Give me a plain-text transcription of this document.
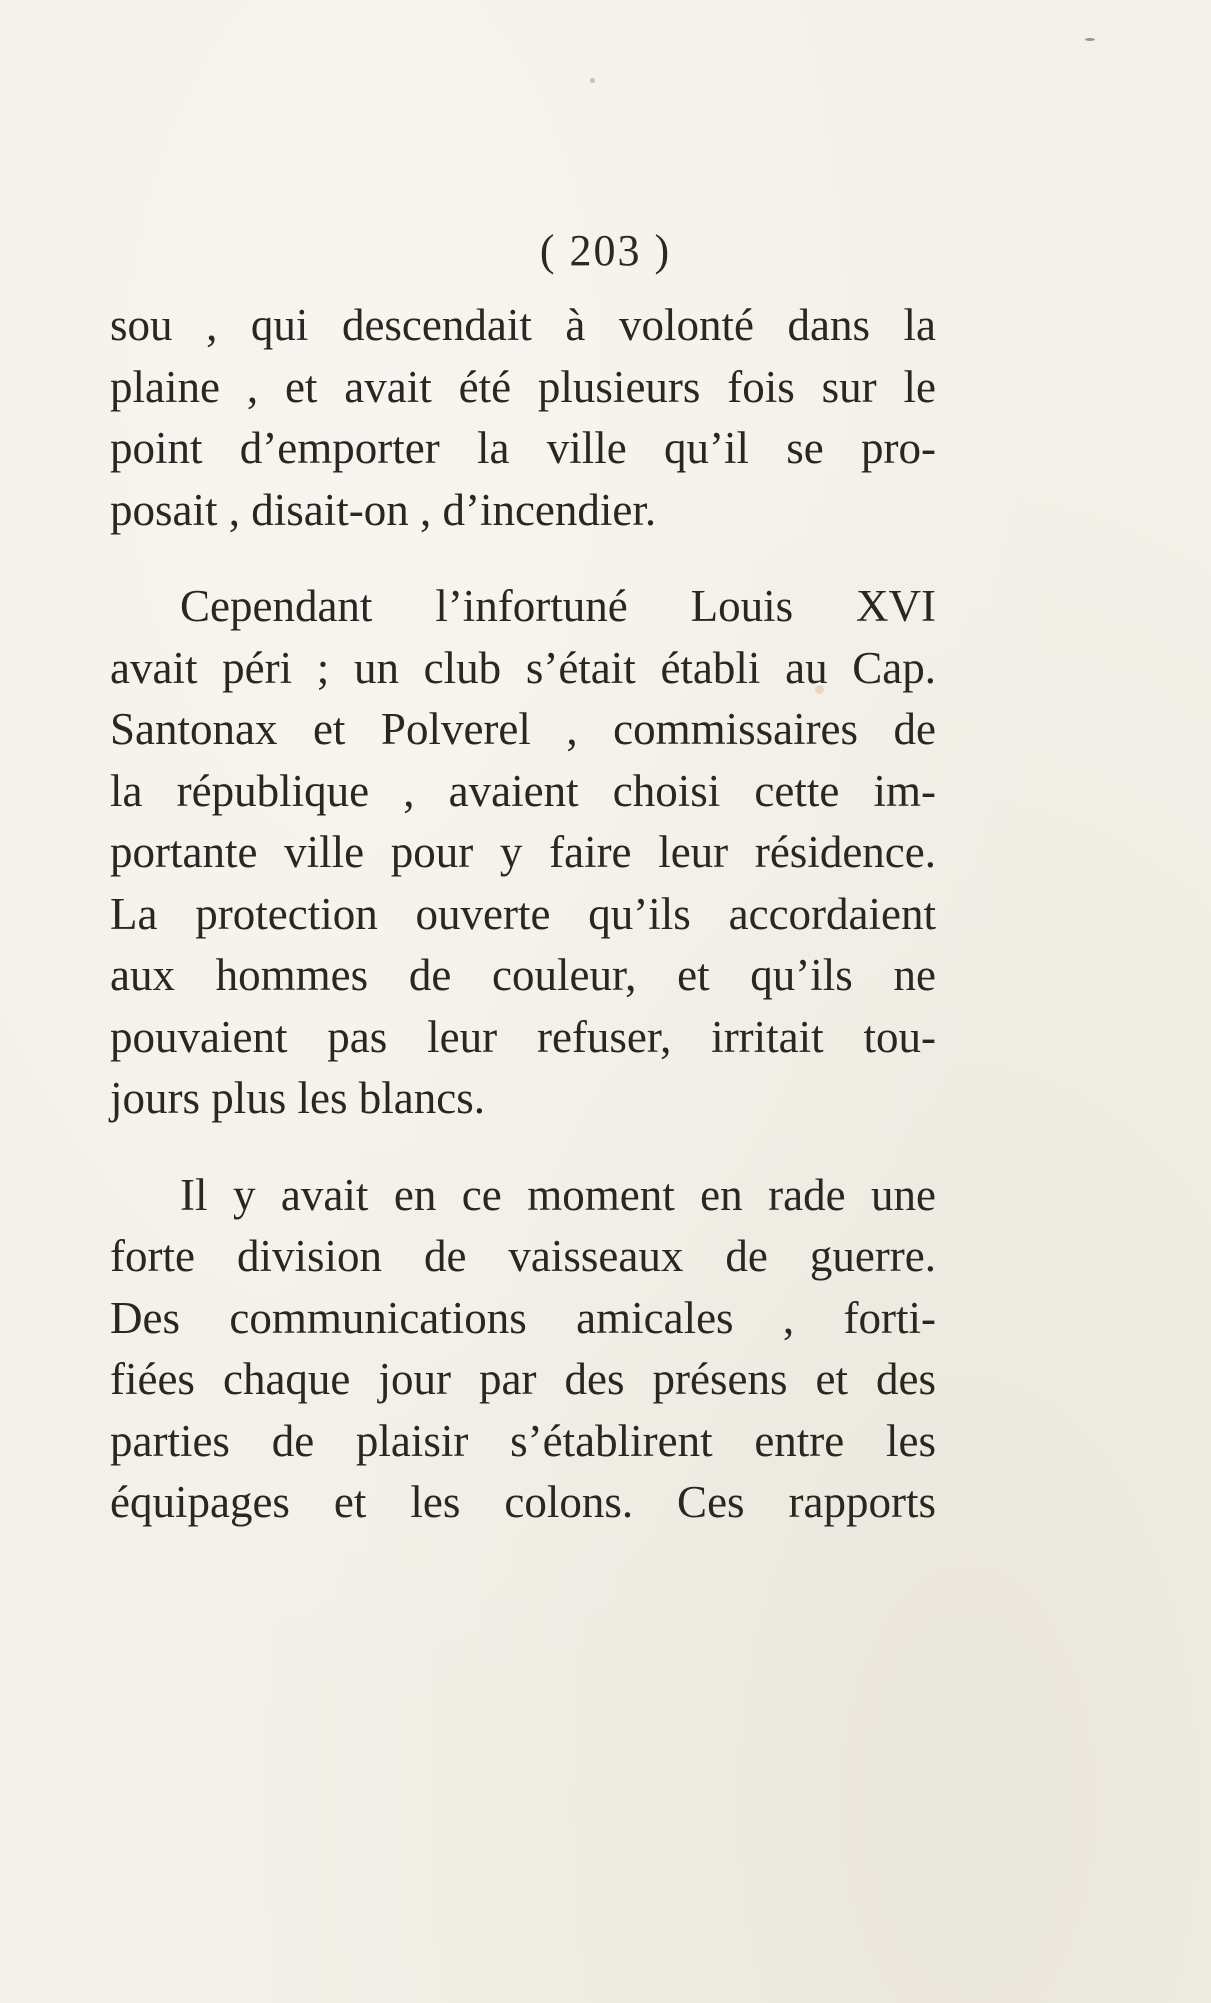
( 203 )
sou , qui descendait à volonté dans la
plaine , et avait été plusieurs fois sur le
point d’emporter la ville qu’il se pro-
posait , disait-on , d’incendier.
Cependant l’infortuné Louis XVI
avait péri ; un club s’était établi au Cap.
Santonax et Polverel , commissaires de
la république , avaient choisi cette im-
portante ville pour y faire leur résidence.
La protection ouverte qu’ils accordaient
aux hommes de couleur, et qu’ils ne
pouvaient pas leur refuser, irritait tou-
jours plus les blancs.
Il y avait en ce moment en rade une
forte division de vaisseaux de guerre.
Des communications amicales , forti-
fiées chaque jour par des présens et des
parties de plaisir s’établirent entre les
équipages et les colons. Ces rapports
